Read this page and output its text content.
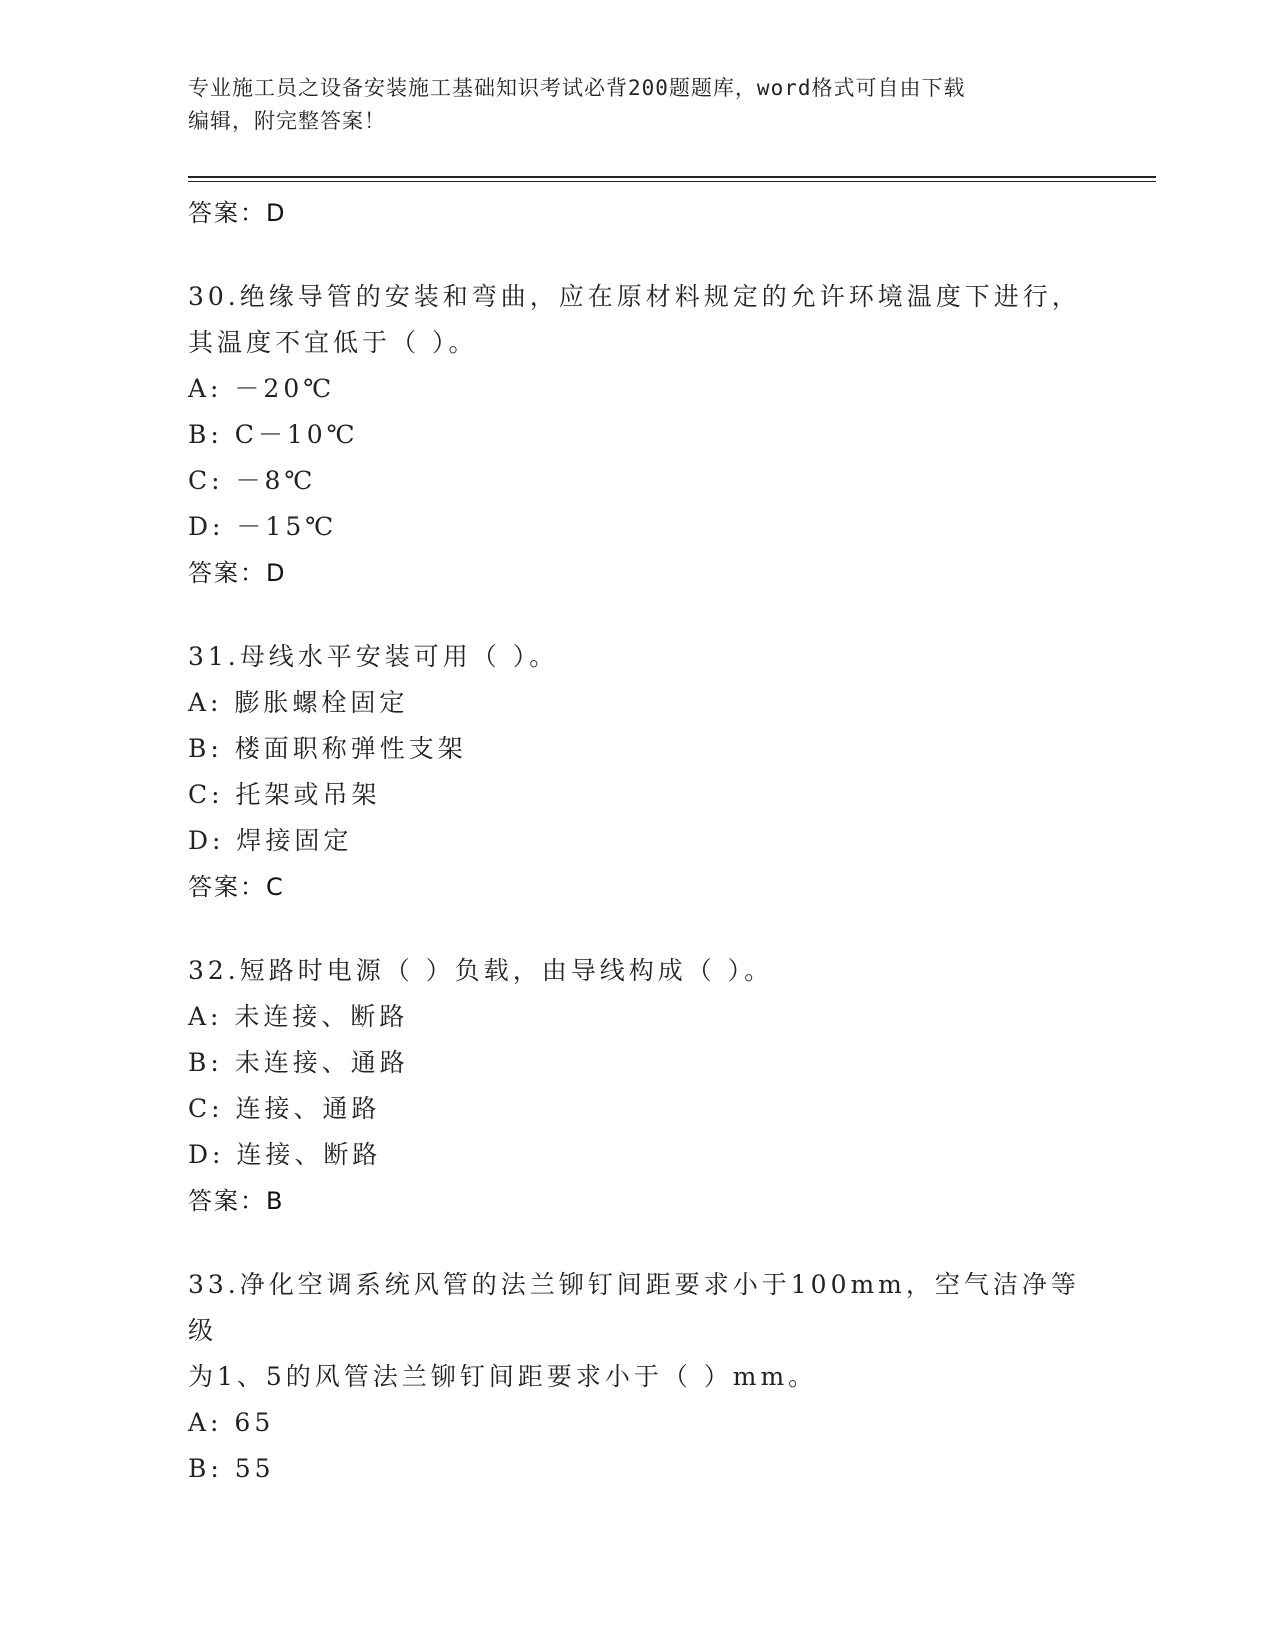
专业施工员之设备安装施工基础知识考试必背200题题库，word格式可自由下载
编辑，附完整答案！
答案：D
30.绝缘导管的安装和弯曲，应在原材料规定的允许环境温度下进行，
其温度不宜低于（ ）。
A: －20℃
B: C－10℃
C: －8℃
D: －15℃
答案：D
31.母线水平安装可用（ ）。
A: 膨胀螺栓固定
B: 楼面职称弹性支架
C: 托架或吊架
D: 焊接固定
答案：C
32.短路时电源（ ）负载，由导线构成（ ）。
A: 未连接、断路
B: 未连接、通路
C: 连接、通路
D: 连接、断路
答案：B
33.净化空调系统风管的法兰铆钉间距要求小于100mm，空气洁净等级
为1、5的风管法兰铆钉间距要求小于（ ）mm。
A: 65
B: 55
